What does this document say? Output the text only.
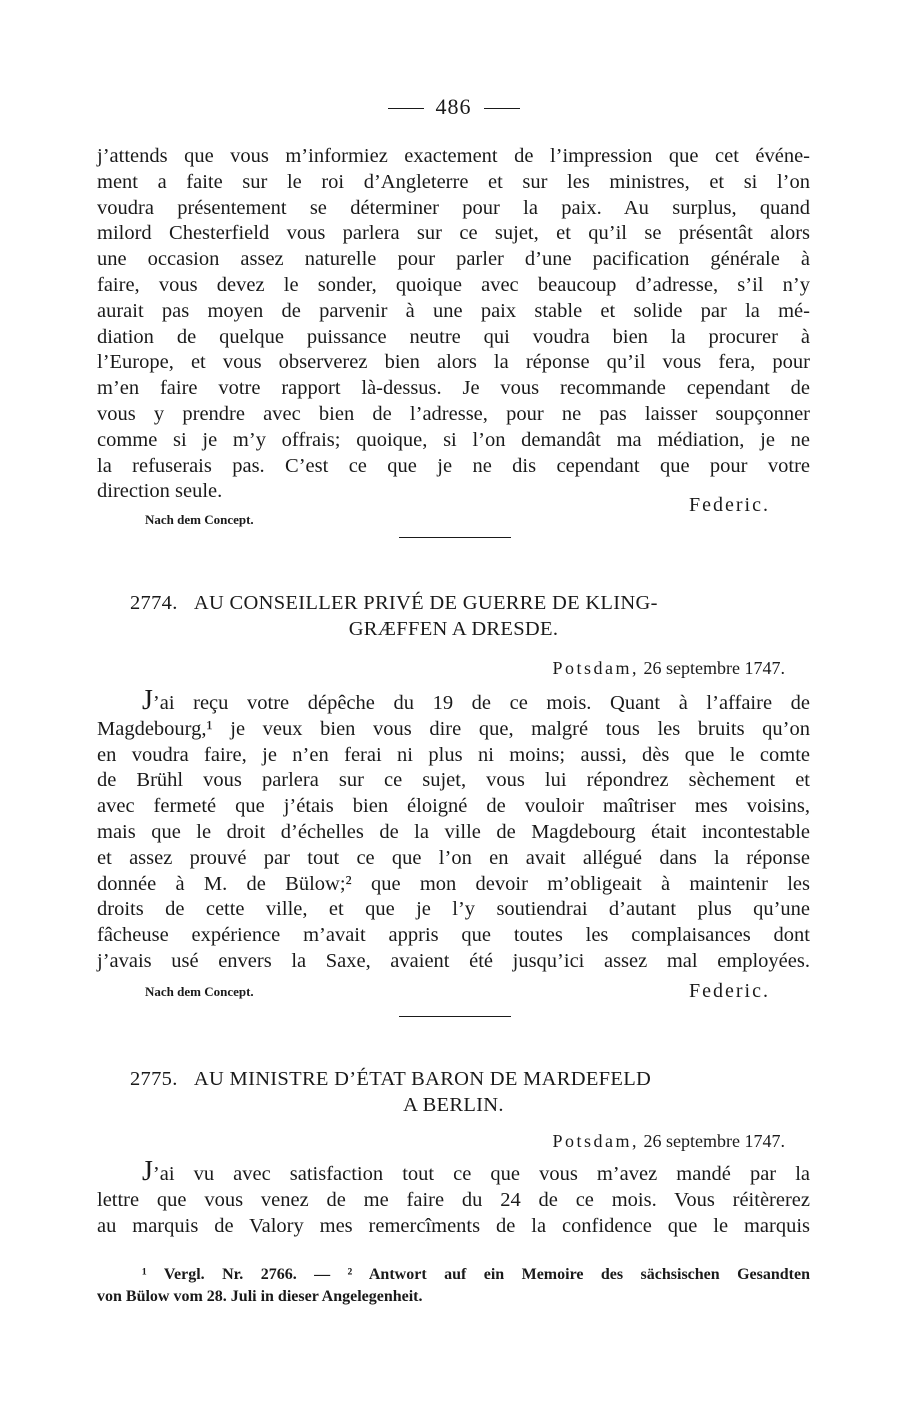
486
j’attends que vous m’informiez exactement de l’impression que cet événe-
ment a faite sur le roi d’Angleterre et sur les ministres, et si l’on
voudra présentement se déterminer pour la paix. Au surplus, quand
milord Chesterfield vous parlera sur ce sujet, et qu’il se présentât alors
une occasion assez naturelle pour parler d’une pacification générale à
faire, vous devez le sonder, quoique avec beaucoup d’adresse, s’il n’y
aurait pas moyen de parvenir à une paix stable et solide par la mé-
diation de quelque puissance neutre qui voudra bien la procurer à
l’Europe, et vous observerez bien alors la réponse qu’il vous fera, pour
m’en faire votre rapport là-dessus. Je vous recommande cependant de
vous y prendre avec bien de l’adresse, pour ne pas laisser soupçonner
comme si je m’y offrais; quoique, si l’on demandât ma médiation, je ne
la refuserais pas. C’est ce que je ne dis cependant que pour votre
direction seule.
Federic.
Nach dem Concept.
2774. AU CONSEILLER PRIVÉ DE GUERRE DE KLING-
GRÆFFEN A DRESDE.
Potsdam, 26 septembre 1747.
J’ai reçu votre dépêche du 19 de ce mois. Quant à l’affaire de
Magdebourg,¹ je veux bien vous dire que, malgré tous les bruits qu’on
en voudra faire, je n’en ferai ni plus ni moins; aussi, dès que le comte
de Brühl vous parlera sur ce sujet, vous lui répondrez sèchement et
avec fermeté que j’étais bien éloigné de vouloir maîtriser mes voisins,
mais que le droit d’échelles de la ville de Magdebourg était incontestable
et assez prouvé par tout ce que l’on en avait allégué dans la réponse
donnée à M. de Bülow;² que mon devoir m’obligeait à maintenir les
droits de cette ville, et que je l’y soutiendrai d’autant plus qu’une
fâcheuse expérience m’avait appris que toutes les complaisances dont
j’avais usé envers la Saxe, avaient été jusqu’ici assez mal employées.
Nach dem Concept.	Federic.
2775. AU MINISTRE D’ÉTAT BARON DE MARDEFELD
A BERLIN.
Potsdam, 26 septembre 1747.
J’ai vu avec satisfaction tout ce que vous m’avez mandé par la
lettre que vous venez de me faire du 24 de ce mois. Vous réitèrerez
au marquis de Valory mes remercîments de la confidence que le marquis
¹ Vergl. Nr. 2766. — ² Antwort auf ein Memoire des sächsischen Gesandten
von Bülow vom 28. Juli in dieser Angelegenheit.
